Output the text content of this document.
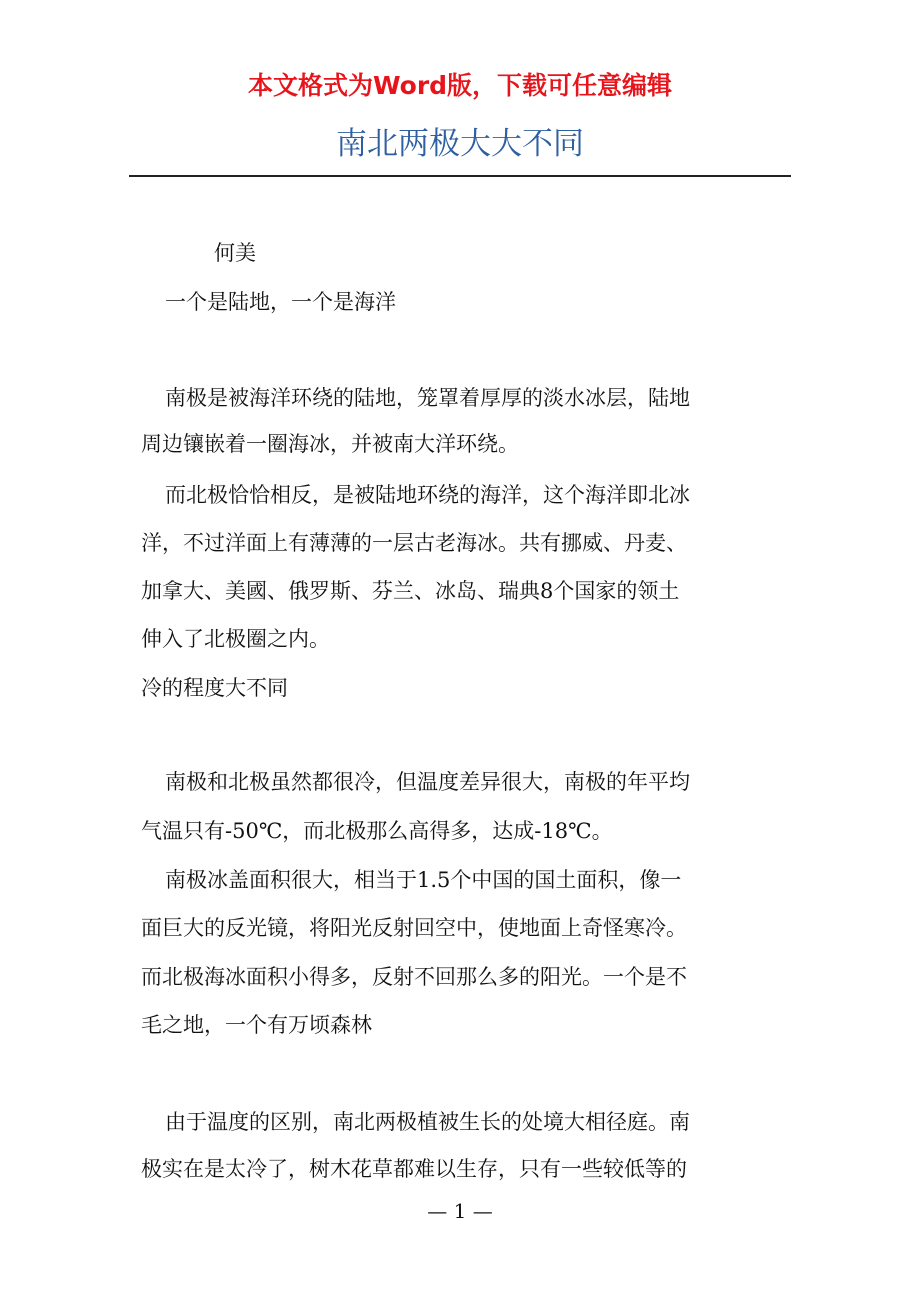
本文格式为Word版，下载可任意编辑
南北两极大大不同
何美
一个是陆地，一个是海洋
南极是被海洋环绕的陆地，笼罩着厚厚的淡水冰层，陆地
周边镶嵌着一圈海冰，并被南大洋环绕。
而北极恰恰相反，是被陆地环绕的海洋，这个海洋即北冰
洋，不过洋面上有薄薄的一层古老海冰。共有挪威、丹麦、
加拿大、美國、俄罗斯、芬兰、冰岛、瑞典8个国家的领土
伸入了北极圈之内。
冷的程度大不同
南极和北极虽然都很冷，但温度差异很大，南极的年平均
气温只有-50℃，而北极那么高得多，达成-18℃。
南极冰盖面积很大，相当于1.5个中国的国土面积，像一
面巨大的反光镜，将阳光反射回空中，使地面上奇怪寒冷。
而北极海冰面积小得多，反射不回那么多的阳光。一个是不
毛之地，一个有万顷森林
由于温度的区别，南北两极植被生长的处境大相径庭。南
极实在是太冷了，树木花草都难以生存，只有一些较低等的
— 1 —
